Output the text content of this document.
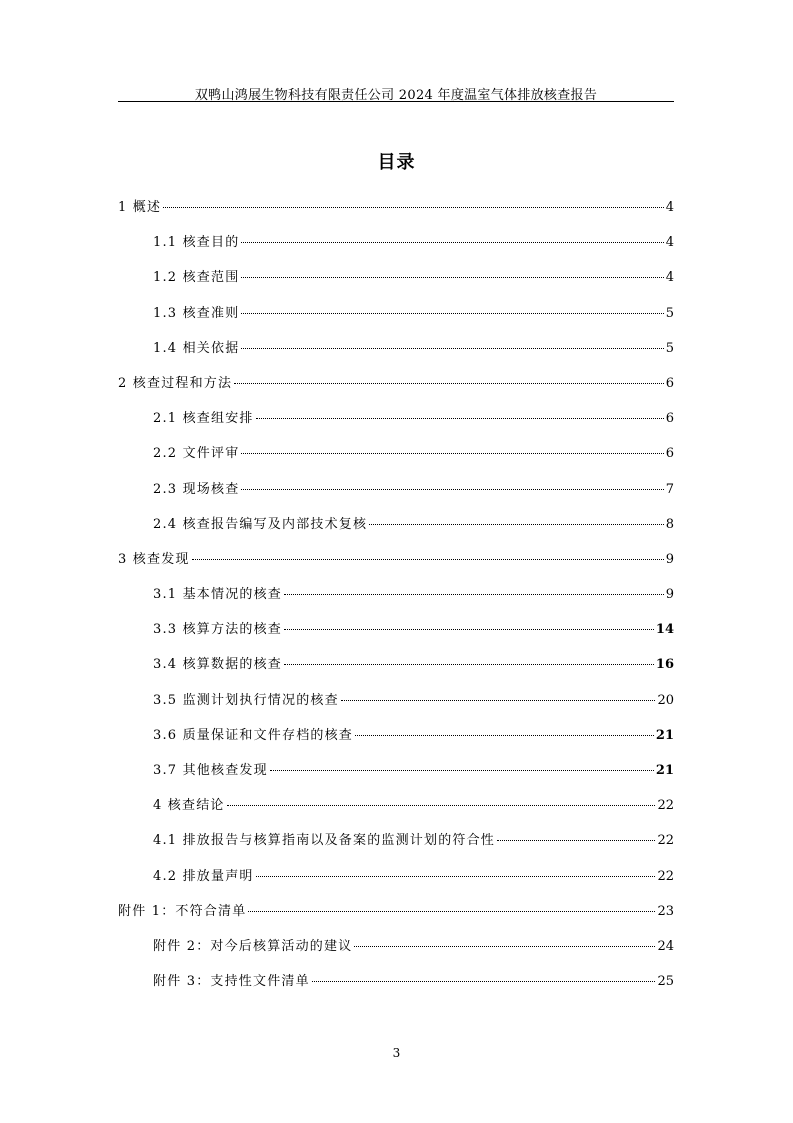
双鸭山鸿展生物科技有限责任公司 2024 年度温室气体排放核查报告
目录
1 概述	4
1.1 核查目的	4
1.2 核查范围	4
1.3 核查准则	5
1.4 相关依据	5
2 核查过程和方法	6
2.1 核查组安排	6
2.2 文件评审	6
2.3 现场核查	7
2.4 核查报告编写及内部技术复核	8
3 核查发现	9
3.1 基本情况的核查	9
3.3 核算方法的核查	14
3.4 核算数据的核查	16
3.5 监测计划执行情况的核查	20
3.6 质量保证和文件存档的核查	21
3.7 其他核查发现	21
4 核查结论	22
4.1 排放报告与核算指南以及备案的监测计划的符合性	22
4.2 排放量声明	22
附件 1：不符合清单	23
附件 2：对今后核算活动的建议	24
附件 3：支持性文件清单	25
3
